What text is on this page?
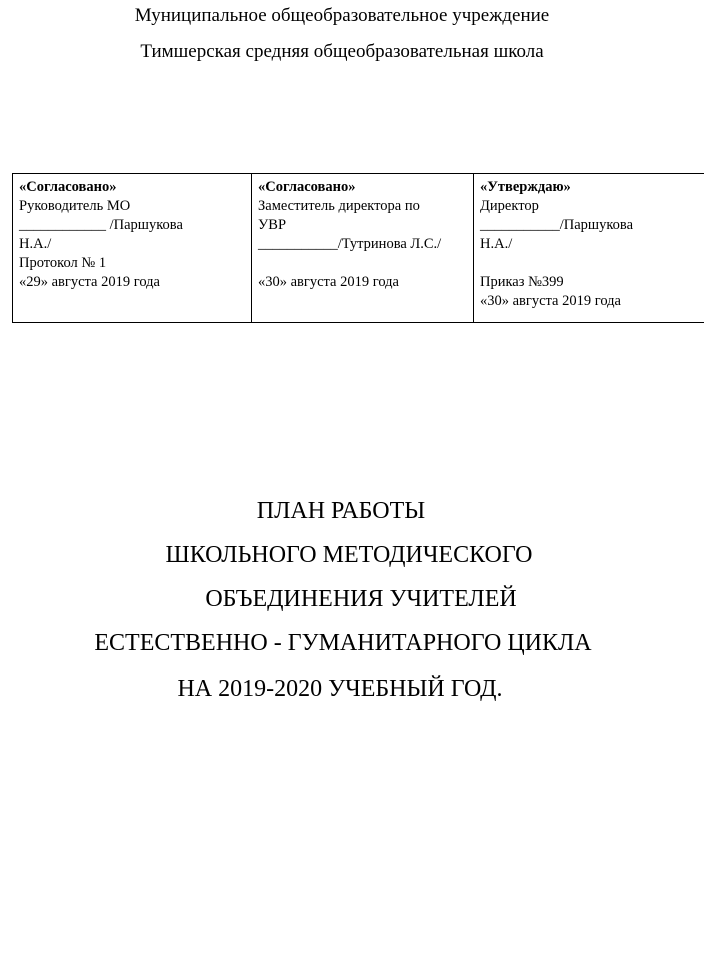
Муниципальное общеобразовательное учреждение
Тимшерская средняя общеобразовательная школа
«Согласовано»
Руководитель МО
____________ /Паршукова
Н.А./
Протокол № 1
«29» августа 2019 года

«Согласовано»
Заместитель директора по
УВР
___________/Тутринова Л.С./
«30» августа 2019 года

«Утверждаю»
Директор
___________/Паршукова
Н.А./
Приказ №399
«30» августа 2019 года
ПЛАН РАБОТЫ
ШКОЛЬНОГО МЕТОДИЧЕСКОГО
ОБЪЕДИНЕНИЯ УЧИТЕЛЕЙ
ЕСТЕСТВЕННО - ГУМАНИТАРНОГО ЦИКЛА
НА 2019-2020 УЧЕБНЫЙ ГОД.
